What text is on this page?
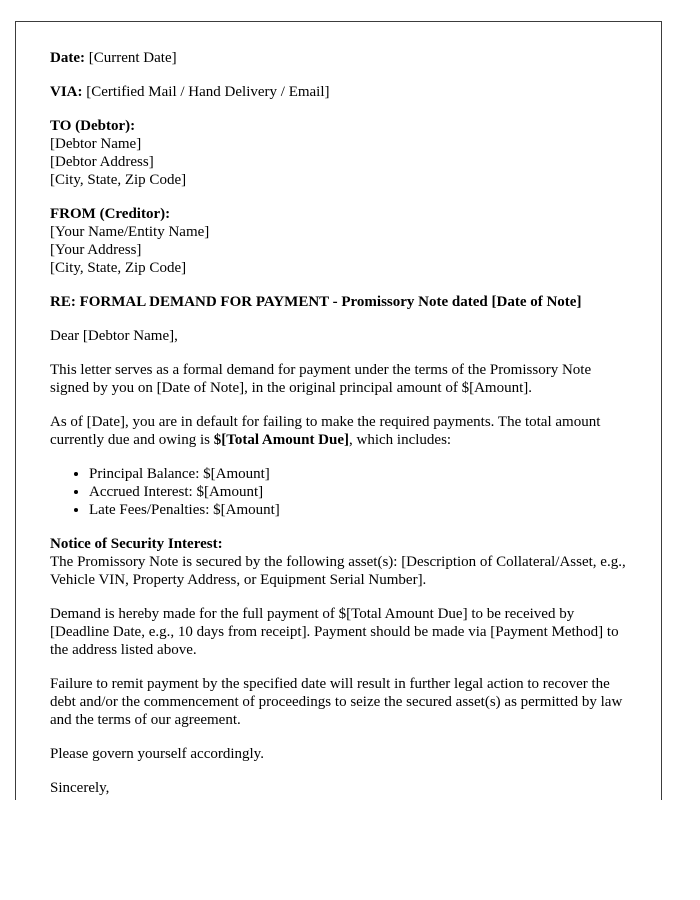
Date: [Current Date]

VIA: [Certified Mail / Hand Delivery / Email]

TO (Debtor):
[Debtor Name]
[Debtor Address]
[City, State, Zip Code]

FROM (Creditor):
[Your Name/Entity Name]
[Your Address]
[City, State, Zip Code]

RE: FORMAL DEMAND FOR PAYMENT - Promissory Note dated [Date of Note]

Dear [Debtor Name],

This letter serves as a formal demand for payment under the terms of the Promissory Note signed by you on [Date of Note], in the original principal amount of $[Amount].

As of [Date], you are in default for failing to make the required payments. The total amount currently due and owing is $[Total Amount Due], which includes:

• Principal Balance: $[Amount]
• Accrued Interest: $[Amount]
• Late Fees/Penalties: $[Amount]

Notice of Security Interest:
The Promissory Note is secured by the following asset(s): [Description of Collateral/Asset, e.g., Vehicle VIN, Property Address, or Equipment Serial Number].

Demand is hereby made for the full payment of $[Total Amount Due] to be received by [Deadline Date, e.g., 10 days from receipt]. Payment should be made via [Payment Method] to the address listed above.

Failure to remit payment by the specified date will result in further legal action to recover the debt and/or the commencement of proceedings to seize the secured asset(s) as permitted by law and the terms of our agreement.

Please govern yourself accordingly.

Sincerely,
